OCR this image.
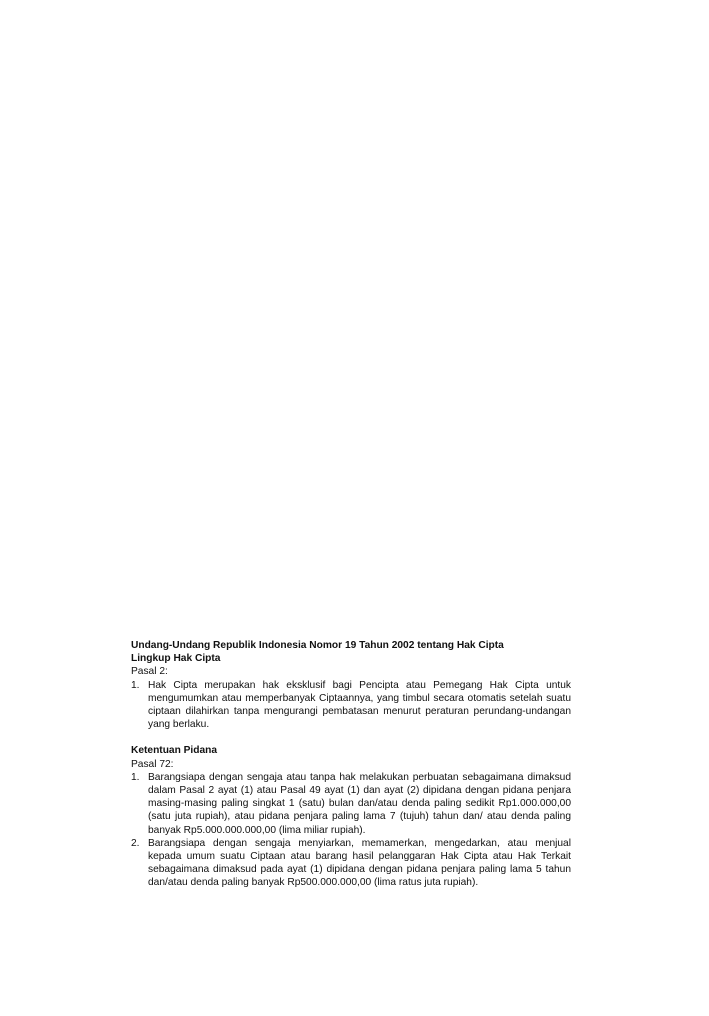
Undang-Undang Republik Indonesia Nomor 19 Tahun 2002 tentang Hak Cipta

Lingkup Hak Cipta

Pasal 2:

1. Hak Cipta merupakan hak eksklusif bagi Pencipta atau Pemegang Hak Cipta untuk mengumumkan atau memperbanyak Ciptaannya, yang timbul secara otomatis setelah suatu ciptaan dilahirkan tanpa mengurangi pembatasan menurut peraturan perundang-undangan yang berlaku.

Ketentuan Pidana

Pasal 72:

1. Barangsiapa dengan sengaja atau tanpa hak melakukan perbuatan sebagaimana dimaksud dalam Pasal 2 ayat (1) atau Pasal 49 ayat (1) dan ayat (2) dipidana dengan pidana penjara masing-masing paling singkat 1 (satu) bulan dan/atau denda paling sedikit Rp1.000.000,00 (satu juta rupiah), atau pidana penjara paling lama 7 (tujuh) tahun dan/ atau denda paling banyak Rp5.000.000.000,00 (lima miliar rupiah).
2. Barangsiapa dengan sengaja menyiarkan, memamerkan, mengedarkan, atau menjual kepada umum suatu Ciptaan atau barang hasil pelanggaran Hak Cipta atau Hak Terkait sebagaimana dimaksud pada ayat (1) dipidana dengan pidana penjara paling lama 5 tahun dan/atau denda paling banyak Rp500.000.000,00 (lima ratus juta rupiah).
